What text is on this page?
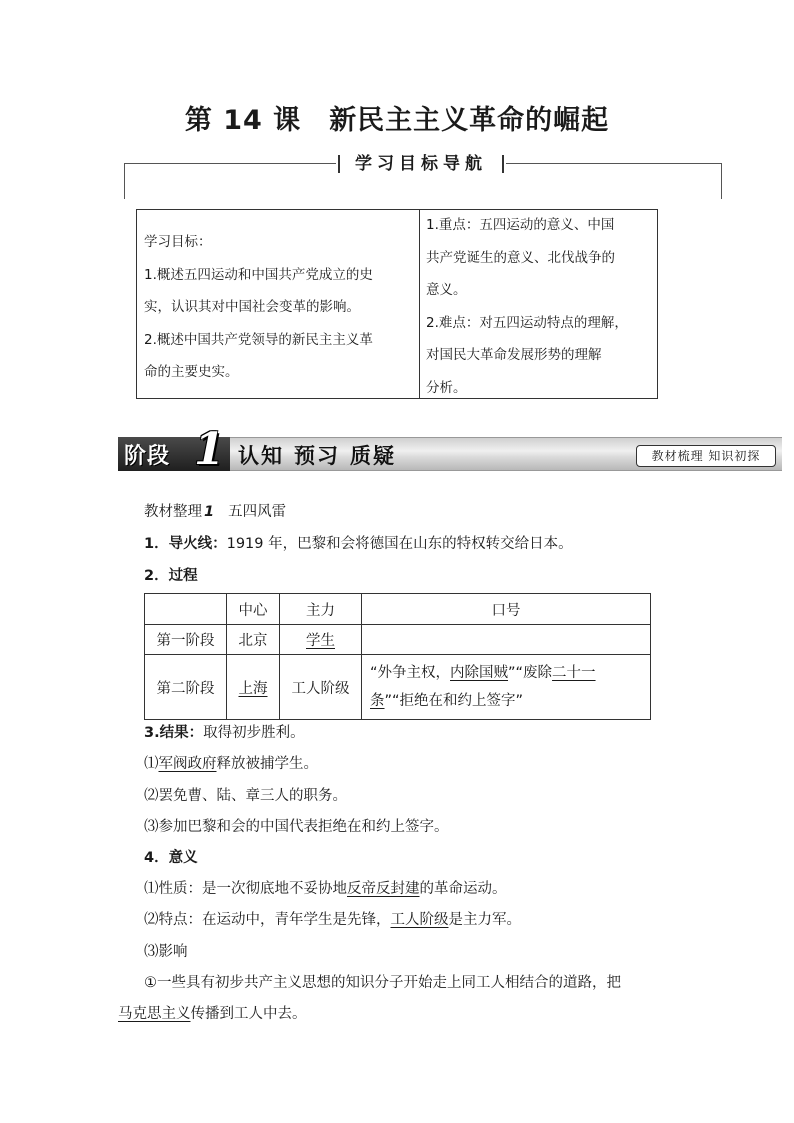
第 14 课 新民主主义革命的崛起
学习目标导航
学习目标：
1.概述五四运动和中国共产党成立的史
实，认识其对中国社会变革的影响。
2.概述中国共产党领导的新民主主义革
命的主要史实。
1.重点：五四运动的意义、中国
共产党诞生的意义、北伐战争的
意义。
2.难点：对五四运动特点的理解，
对国民大革命发展形势的理解
分析。
阶段 1 认知 预习 质疑	教材梳理 知识初探
教材整理 1 五四风雷
1．导火线：1919 年，巴黎和会将德国在山东的特权转交给日本。
2．过程
	中心	主力	口号
第一阶段	北京	学生	
第二阶段	上海	工人阶级	“外争主权，内除国贼”“废除二十一
条”“拒绝在和约上签字”
3.结果：取得初步胜利。
⑴军阀政府释放被捕学生。
⑵罢免曹、陆、章三人的职务。
⑶参加巴黎和会的中国代表拒绝在和约上签字。
4．意义
⑴性质：是一次彻底地不妥协地反帝反封建的革命运动。
⑵特点：在运动中，青年学生是先锋，工人阶级是主力军。
⑶影响
①一些具有初步共产主义思想的知识分子开始走上同工人相结合的道路，把
马克思主义传播到工人中去。
